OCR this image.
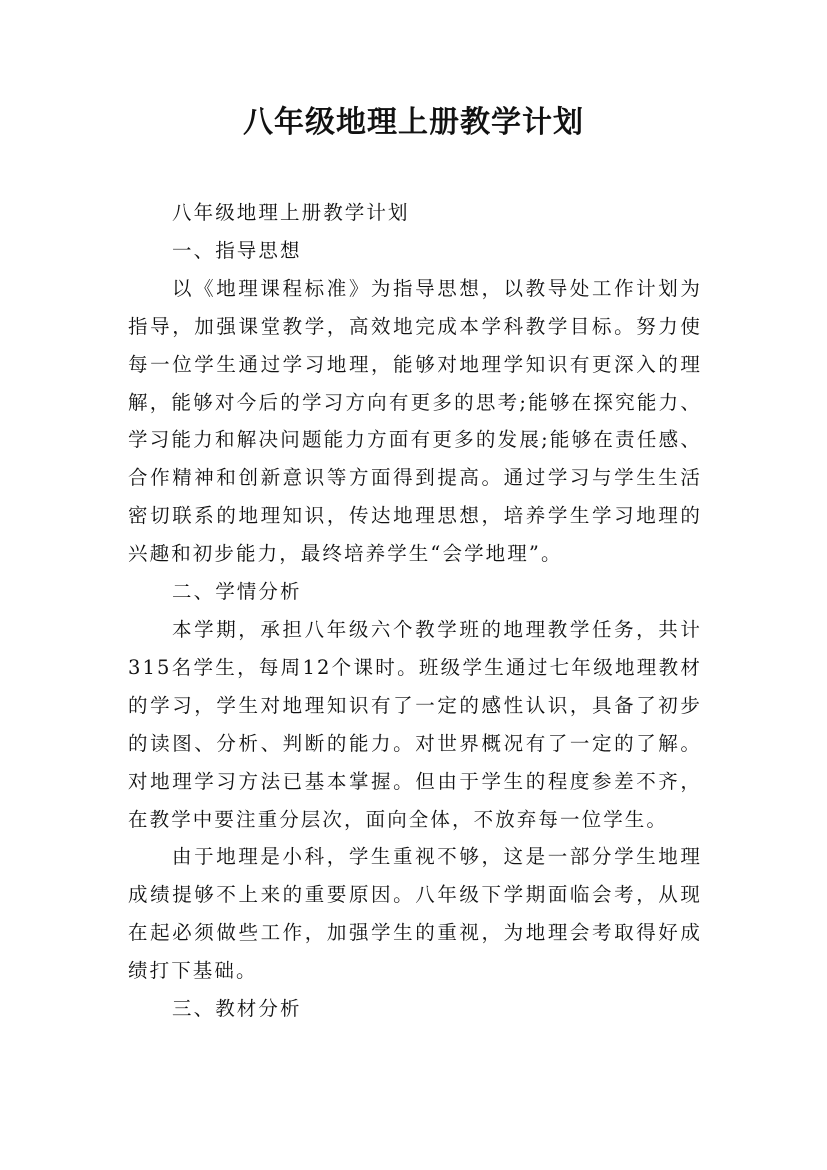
八年级地理上册教学计划

八年级地理上册教学计划

一、指导思想

以《地理课程标准》为指导思想，以教导处工作计划为指导，加强课堂教学，高效地完成本学科教学目标。努力使每一位学生通过学习地理，能够对地理学知识有更深入的理解，能够对今后的学习方向有更多的思考;能够在探究能力、学习能力和解决问题能力方面有更多的发展;能够在责任感、合作精神和创新意识等方面得到提高。通过学习与学生生活密切联系的地理知识，传达地理思想，培养学生学习地理的兴趣和初步能力，最终培养学生“会学地理”。

二、学情分析

本学期，承担八年级六个教学班的地理教学任务，共计315名学生，每周12个课时。班级学生通过七年级地理教材的学习，学生对地理知识有了一定的感性认识，具备了初步的读图、分析、判断的能力。对世界概况有了一定的了解。对地理学习方法已基本掌握。但由于学生的程度参差不齐，在教学中要注重分层次，面向全体，不放弃每一位学生。

由于地理是小科，学生重视不够，这是一部分学生地理成绩提够不上来的重要原因。八年级下学期面临会考，从现在起必须做些工作，加强学生的重视，为地理会考取得好成绩打下基础。

三、教材分析
